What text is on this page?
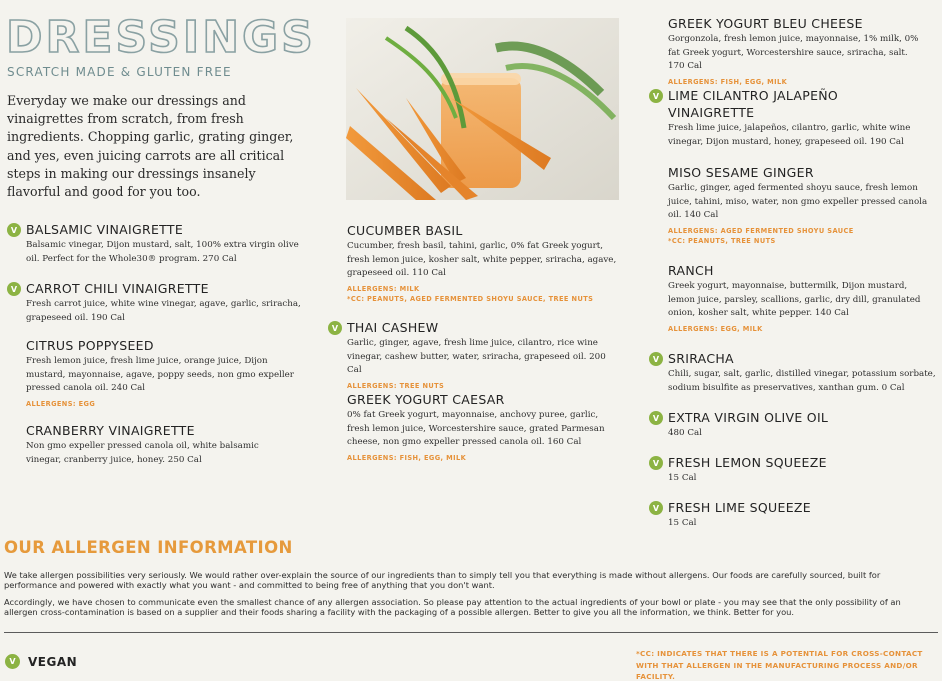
DRESSINGS
SCRATCH MADE & GLUTEN FREE

Everyday we make our dressings and vinaigrettes from scratch, from fresh ingredients. Chopping garlic, grating ginger, and yes, even juicing carrots are all critical steps in making our dressings insanely flavorful and good for you too.

V BALSAMIC VINAIGRETTE
Balsamic vinegar, Dijon mustard, salt, 100% extra virgin olive oil. Perfect for the Whole30® program. 270 Cal
V CARROT CHILI VINAIGRETTE
Fresh carrot juice, white wine vinegar, agave, garlic, sriracha, grapeseed oil. 190 Cal
CITRUS POPPYSEED
Fresh lemon juice, fresh lime juice, orange juice, Dijon mustard, mayonnaise, agave, poppy seeds, non gmo expeller pressed canola oil. 240 Cal
ALLERGENS: EGG
CRANBERRY VINAIGRETTE
Non gmo expeller pressed canola oil, white balsamic vinegar, cranberry juice, honey. 250 Cal
CUCUMBER BASIL
Cucumber, fresh basil, tahini, garlic, 0% fat Greek yogurt, fresh lemon juice, kosher salt, white pepper, sriracha, agave, grapeseed oil. 110 Cal
ALLERGENS: MILK
*CC: PEANUTS, AGED FERMENTED SHOYU SAUCE, TREE NUTS
V THAI CASHEW
Garlic, ginger, agave, fresh lime juice, cilantro, rice wine vinegar, cashew butter, water, sriracha, grapeseed oil. 200 Cal
ALLERGENS: TREE NUTS
GREEK YOGURT CAESAR
0% fat Greek yogurt, mayonnaise, anchovy puree, garlic, fresh lemon juice, Worcestershire sauce, grated Parmesan cheese, non gmo expeller pressed canola oil. 160 Cal
ALLERGENS: FISH, EGG, MILK
GREEK YOGURT BLEU CHEESE
Gorgonzola, fresh lemon juice, mayonnaise, 1% milk, 0% fat Greek yogurt, Worcestershire sauce, sriracha, salt. 170 Cal
ALLERGENS: FISH, EGG, MILK
V LIME CILANTRO JALAPEÑO
VINAIGRETTE
Fresh lime juice, jalapeños, cilantro, garlic, white wine vinegar, Dijon mustard, honey, grapeseed oil. 190 Cal
MISO SESAME GINGER
Garlic, ginger, aged fermented shoyu sauce, fresh lemon juice, tahini, miso, water, non gmo expeller pressed canola oil. 140 Cal
ALLERGENS: AGED FERMENTED SHOYU SAUCE
*CC: PEANUTS, TREE NUTS
RANCH
Greek yogurt, mayonnaise, buttermilk, Dijon mustard, lemon juice, parsley, scallions, garlic, dry dill, granulated onion, kosher salt, white pepper. 140 Cal
ALLERGENS: EGG, MILK
V SRIRACHA
Chili, sugar, salt, garlic, distilled vinegar, potassium sorbate, sodium bisulfite as preservatives, xanthan gum. 0 Cal
V EXTRA VIRGIN OLIVE OIL
480 Cal
V FRESH LEMON SQUEEZE
15 Cal
V FRESH LIME SQUEEZE
15 Cal
OUR ALLERGEN INFORMATION

We take allergen possibilities very seriously. We would rather over-explain the source of our ingredients than to simply tell you that everything is made without allergens. Our foods are carefully sourced, built for performance and powered with exactly what you want - and committed to being free of anything that you don't want.

Accordingly, we have chosen to communicate even the smallest chance of any allergen association. So please pay attention to the actual ingredients of your bowl or plate - you may see that the only possibility of an allergen cross-contamination is based on a supplier and their foods sharing a facility with the packaging of a possible allergen. Better to give you all the information, we think. Better for you.

V	VEGAN
*CC: INDICATES THAT THERE IS A POTENTIAL FOR CROSS-CONTACT WITH THAT ALLERGEN IN THE MANUFACTURING PROCESS AND/OR FACILITY.
